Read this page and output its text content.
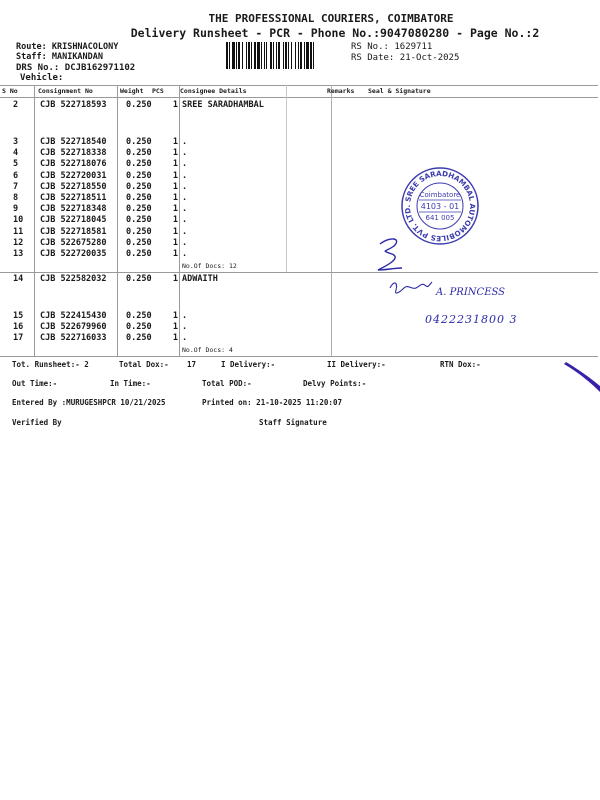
THE PROFESSIONAL COURIERS, COIMBATORE
Delivery Runsheet - PCR - Phone No.:9047080280 - Page No.:2
Route: KRISHNACOLONY
Staff: MANIKANDAN
DRS No.: DCJB162971102
Vehicle:
RS No.: 1629711
RS Date: 21-Oct-2025
S No	Consignment No	Weight PCS	Consignee Details	Remarks Seal & Signature
2	CJB 522718593 0.250	1 SREE SARADHAMBAL
3	CJB 522718540 0.250	1 .
4	CJB 522718338 0.250	1 .
5	CJB 522718076 0.250	1 .
6	CJB 522720031 0.250	1 .
7	CJB 522718550 0.250	1 .
8	CJB 522718511 0.250	1 .
9	CJB 522718348 0.250	1 .
10 CJB 522718045 0.250	1 .
11 CJB 522718581 0.250	1 .
12 CJB 522675280 0.250	1 .
13 CJB 522720035 0.250	1 .
14 CJB 522582032 0.250	1 ADWAITH
15 CJB 522415430 0.250	1 .
16 CJB 522679960 0.250	1 .
17 CJB 522716033 0.250	1 .
No.Of Docs: 12
No.Of Docs: 4
SREE SARADHAMBAL AUTOMOBILES PVT. LTD.
Coimbatore
4103 - 01
641 005
A. PRINCESS
0422231800 3
Tot. Runsheet:- 2	Total Dox:- 17	I Delivery:-	II Delivery:-	RTN Dox:-
Out Time:-	In Time:-	Total POD:-	Delvy Points:-
Entered By :MURUGESHPCR 10/21/2025	Printed on: 21-10-2025 11:20:07
Verified By	Staff Signature
